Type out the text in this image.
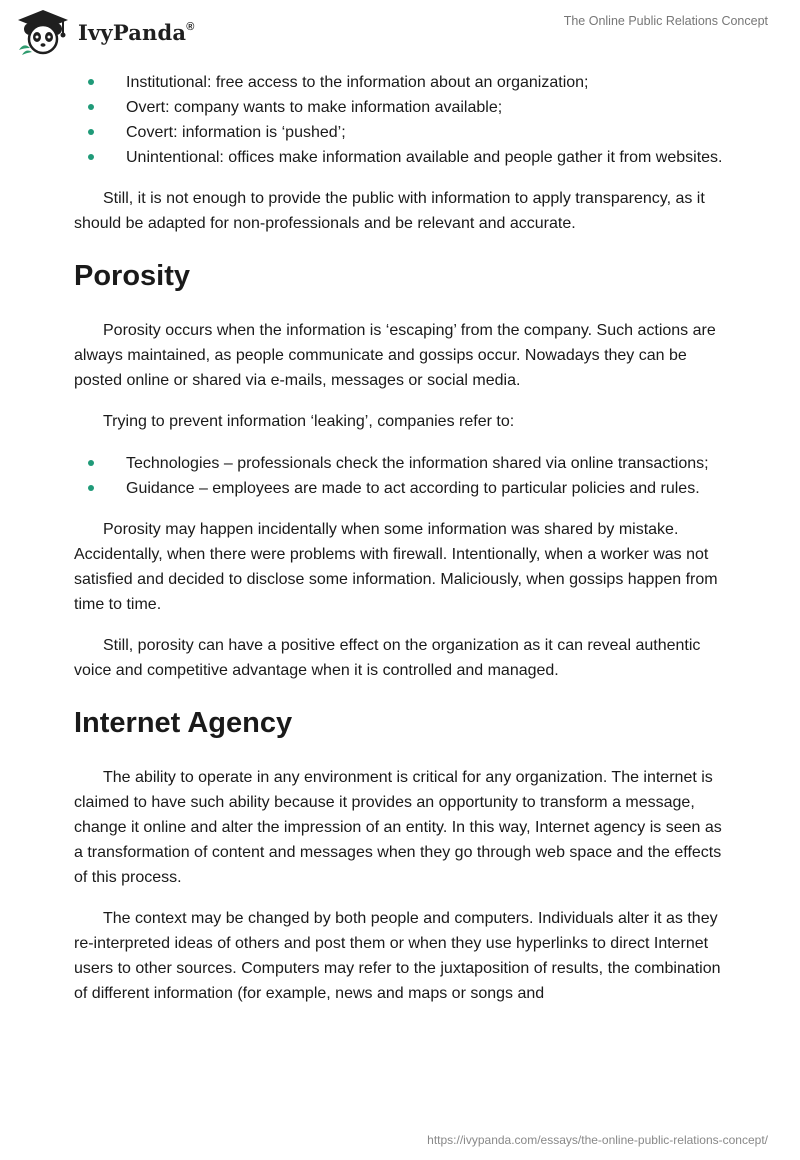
IvyPanda®	The Online Public Relations Concept
Institutional: free access to the information about an organization;
Overt: company wants to make information available;
Covert: information is ‘pushed’;
Unintentional: offices make information available and people gather it from websites.

Still, it is not enough to provide the public with information to apply transparency, as it should be adapted for non-professionals and be relevant and accurate.

Porosity

Porosity occurs when the information is ‘escaping’ from the company. Such actions are always maintained, as people communicate and gossips occur. Nowadays they can be posted online or shared via e-mails, messages or social media.

Trying to prevent information ‘leaking’, companies refer to:

Technologies – professionals check the information shared via online transactions;
Guidance – employees are made to act according to particular policies and rules.

Porosity may happen incidentally when some information was shared by mistake. Accidentally, when there were problems with firewall. Intentionally, when a worker was not satisfied and decided to disclose some information. Maliciously, when gossips happen from time to time.

Still, porosity can have a positive effect on the organization as it can reveal authentic voice and competitive advantage when it is controlled and managed.

Internet Agency

The ability to operate in any environment is critical for any organization. The internet is claimed to have such ability because it provides an opportunity to transform a message, change it online and alter the impression of an entity. In this way, Internet agency is seen as a transformation of content and messages when they go through web space and the effects of this process.

The context may be changed by both people and computers. Individuals alter it as they re-interpreted ideas of others and post them or when they use hyperlinks to direct Internet users to other sources. Computers may refer to the juxtaposition of results, the combination of different information (for example, news and maps or songs and

https://ivypanda.com/essays/the-online-public-relations-concept/
